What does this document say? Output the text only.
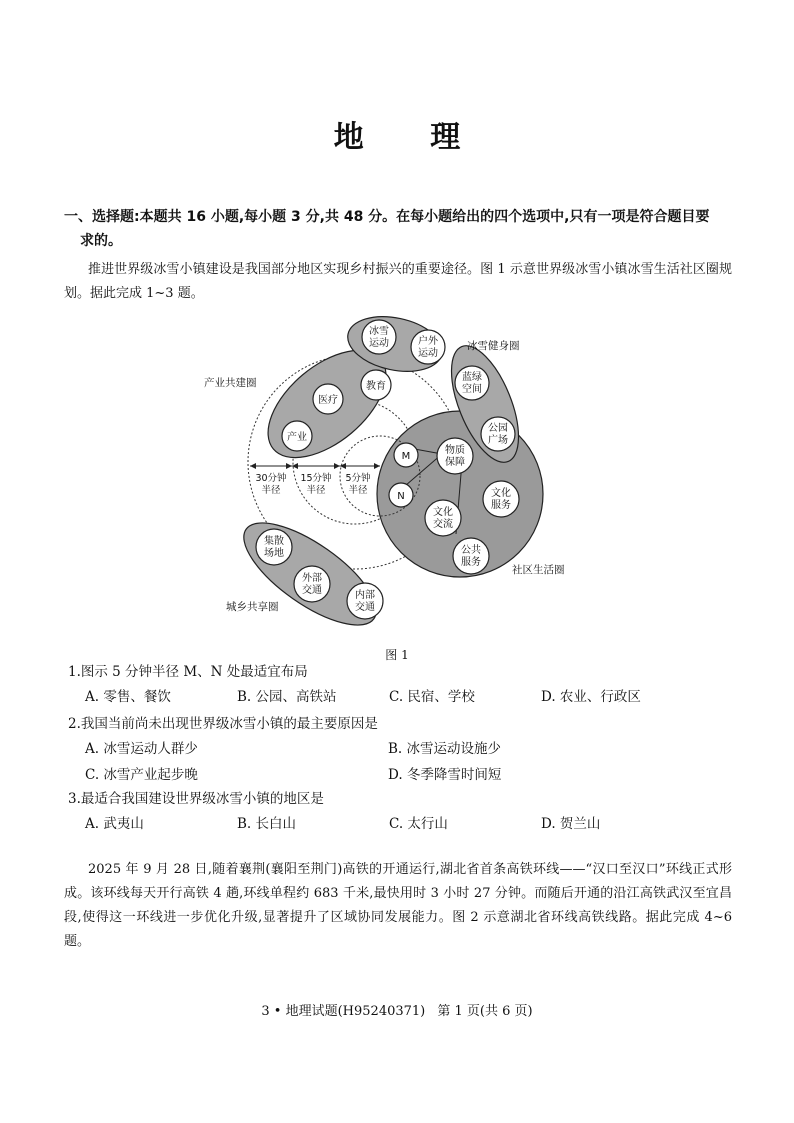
地 理
一、选择题:本题共 16 小题,每小题 3 分,共 48 分。在每小题给出的四个选项中,只有一项是符合题目要
求的。
推进世界级冰雪小镇建设是我国部分地区实现乡村振兴的重要途径。图 1 示意世界级冰雪小镇冰雪生活社区圈规划。据此完成 1~3 题。
冰雪
运动	户外
运动
蓝绿
空间
公园
广场
医疗
教育
产业
M
N
物质
保障
文化
服务
文化
交流
公共
服务
集散
场地
外部
交通	内部
交通
30分钟
半径
15分钟
半径
5分钟
半径
产业共建圈
冰雪健身圈
社区生活圈
城乡共享圈
图 1
1.图示 5 分钟半径 M、N 处最适宜布局
A. 零售、餐饮	B. 公园、高铁站	C. 民宿、学校	D. 农业、行政区
2.我国当前尚未出现世界级冰雪小镇的最主要原因是
A. 冰雪运动人群少	B. 冰雪运动设施少
C. 冰雪产业起步晚	D. 冬季降雪时间短
3.最适合我国建设世界级冰雪小镇的地区是
A. 武夷山	B. 长白山	C. 太行山	D. 贺兰山
2025 年 9 月 28 日,随着襄荆(襄阳至荆门)高铁的开通运行,湖北省首条高铁环线——“汉口至汉口”环线正式形成。该环线每天开行高铁 4 趟,环线单程约 683 千米,最快用时 3 小时 27 分钟。而随后开通的沿江高铁武汉至宜昌段,使得这一环线进一步优化升级,显著提升了区域协同发展能力。图 2 示意湖北省环线高铁线路。据此完成 4~6 题。
3 • 地理试题(H95240371) 第 1 页(共 6 页)
